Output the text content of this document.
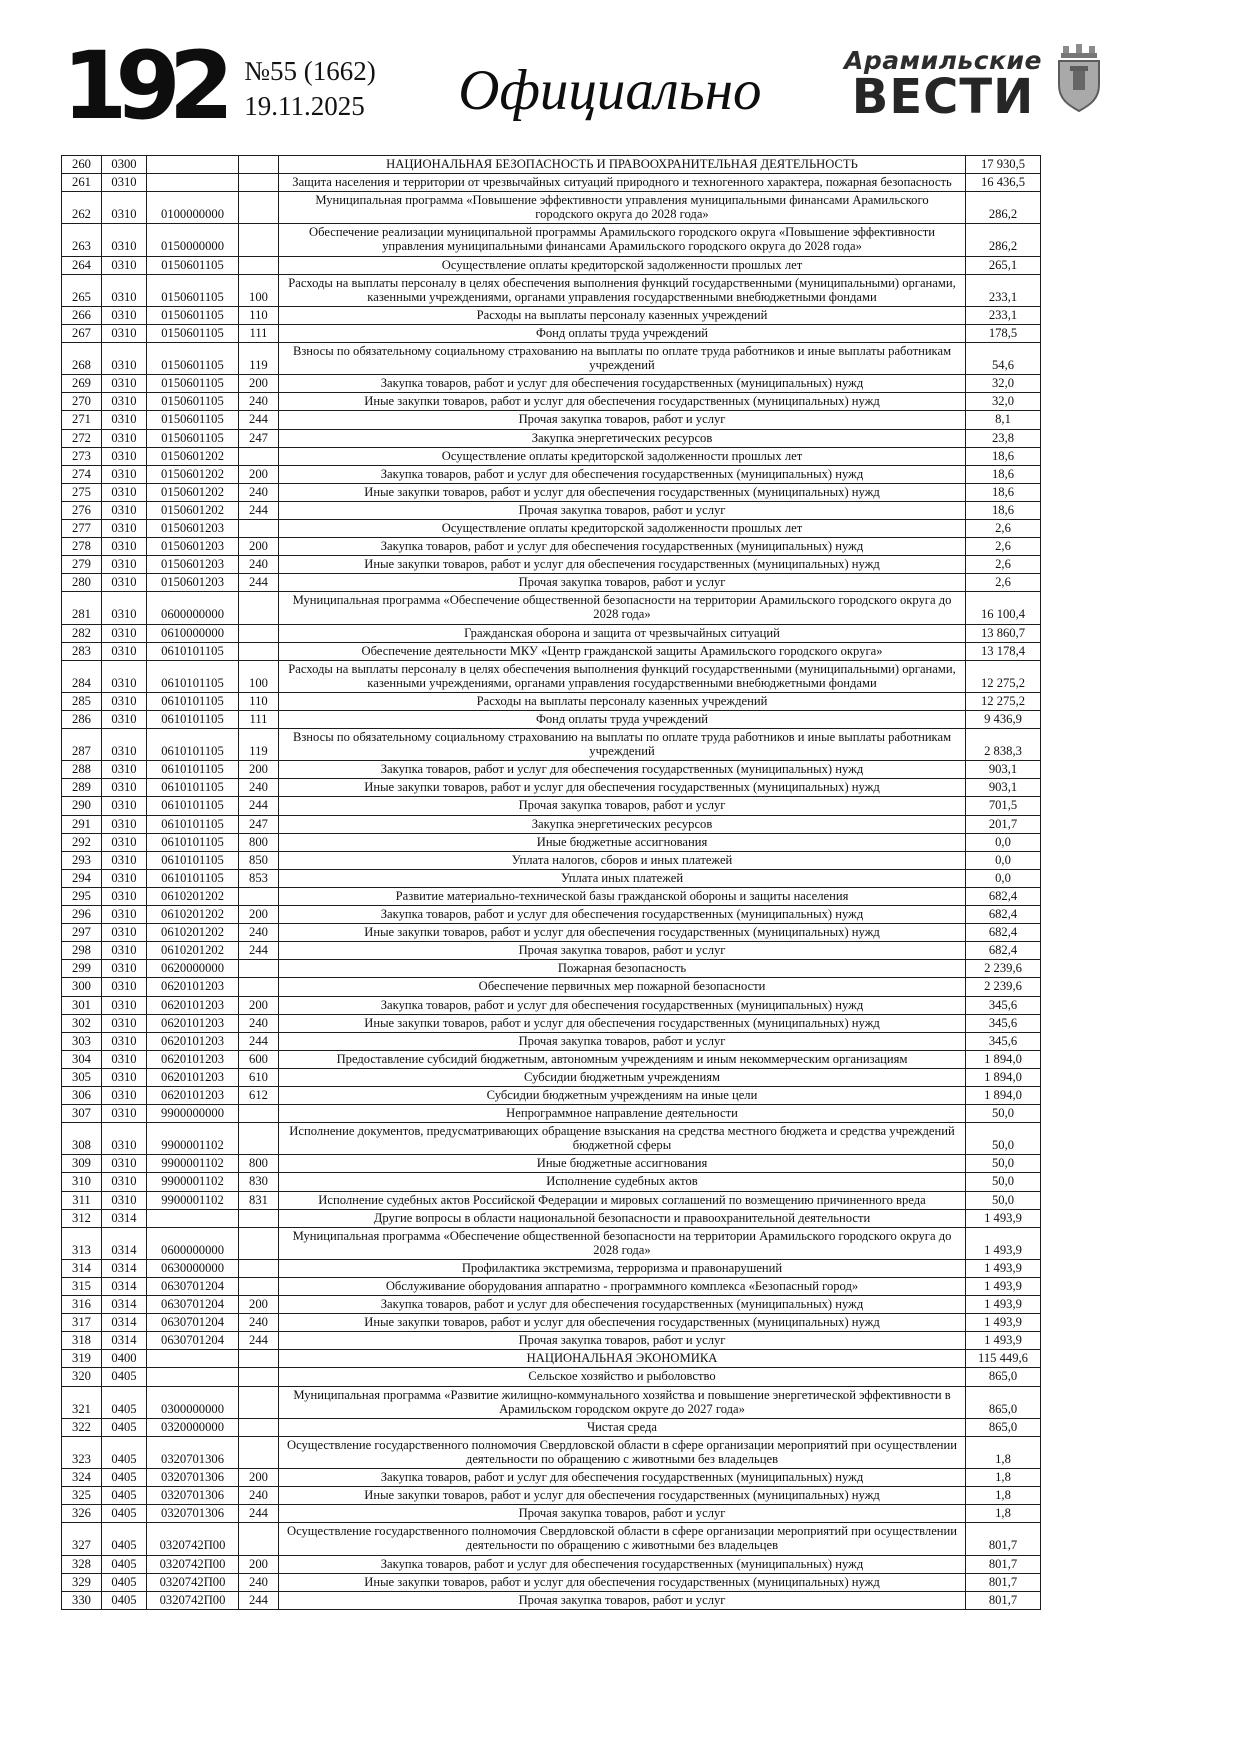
192 №55 (1662)
19.11.2025	Официально	Арамильские
ВЕСТИ
260	0300			НАЦИОНАЛЬНАЯ БЕЗОПАСНОСТЬ И ПРАВООХРАНИТЕЛЬНАЯ ДЕЯТЕЛЬНОСТЬ	17 930,5
261	0310			Защита населения и территории от чрезвычайных ситуаций природного и техногенного характера, пожарная безопасность	16 436,5
262	0310	0100000000		Муниципальная программа «Повышение эффективности управления муниципальными финансами Арамильского городского округа до 2028 года»	286,2
263	0310	0150000000		Обеспечение реализации муниципальной программы Арамильского городского округа «Повышение эффективности управления муниципальными финансами Арамильского городского округа до 2028 года»	286,2
264	0310	0150601105		Осуществление оплаты кредиторской задолженности прошлых лет	265,1
265	0310	0150601105	100	Расходы на выплаты персоналу в целях обеспечения выполнения функций государственными (муниципальными) органами, казенными учреждениями, органами управления государственными внебюджетными фондами	233,1
266	0310	0150601105	110	Расходы на выплаты персоналу казенных учреждений	233,1
267	0310	0150601105	111	Фонд оплаты труда учреждений	178,5
268	0310	0150601105	119	Взносы по обязательному социальному страхованию на выплаты по оплате труда работников и иные выплаты работникам учреждений	54,6
269	0310	0150601105	200	Закупка товаров, работ и услуг для обеспечения государственных (муниципальных) нужд	32,0
270	0310	0150601105	240	Иные закупки товаров, работ и услуг для обеспечения государственных (муниципальных) нужд	32,0
271	0310	0150601105	244	Прочая закупка товаров, работ и услуг	8,1
272	0310	0150601105	247	Закупка энергетических ресурсов	23,8
273	0310	0150601202		Осуществление оплаты кредиторской задолженности прошлых лет	18,6
274	0310	0150601202	200	Закупка товаров, работ и услуг для обеспечения государственных (муниципальных) нужд	18,6
275	0310	0150601202	240	Иные закупки товаров, работ и услуг для обеспечения государственных (муниципальных) нужд	18,6
276	0310	0150601202	244	Прочая закупка товаров, работ и услуг	18,6
277	0310	0150601203		Осуществление оплаты кредиторской задолженности прошлых лет	2,6
278	0310	0150601203	200	Закупка товаров, работ и услуг для обеспечения государственных (муниципальных) нужд	2,6
279	0310	0150601203	240	Иные закупки товаров, работ и услуг для обеспечения государственных (муниципальных) нужд	2,6
280	0310	0150601203	244	Прочая закупка товаров, работ и услуг	2,6
281	0310	0600000000		Муниципальная программа «Обеспечение общественной безопасности на территории Арамильского городского округа до 2028 года»	16 100,4
282	0310	0610000000		Гражданская оборона и защита от чрезвычайных ситуаций	13 860,7
283	0310	0610101105		Обеспечение деятельности МКУ «Центр гражданской защиты Арамильского городского округа»	13 178,4
284	0310	0610101105	100	Расходы на выплаты персоналу в целях обеспечения выполнения функций государственными (муниципальными) органами, казенными учреждениями, органами управления государственными внебюджетными фондами	12 275,2
285	0310	0610101105	110	Расходы на выплаты персоналу казенных учреждений	12 275,2
286	0310	0610101105	111	Фонд оплаты труда учреждений	9 436,9
287	0310	0610101105	119	Взносы по обязательному социальному страхованию на выплаты по оплате труда работников и иные выплаты работникам учреждений	2 838,3
288	0310	0610101105	200	Закупка товаров, работ и услуг для обеспечения государственных (муниципальных) нужд	903,1
289	0310	0610101105	240	Иные закупки товаров, работ и услуг для обеспечения государственных (муниципальных) нужд	903,1
290	0310	0610101105	244	Прочая закупка товаров, работ и услуг	701,5
291	0310	0610101105	247	Закупка энергетических ресурсов	201,7
292	0310	0610101105	800	Иные бюджетные ассигнования	0,0
293	0310	0610101105	850	Уплата налогов, сборов и иных платежей	0,0
294	0310	0610101105	853	Уплата иных платежей	0,0
295	0310	0610201202		Развитие материально-технической базы гражданской обороны и защиты населения	682,4
296	0310	0610201202	200	Закупка товаров, работ и услуг для обеспечения государственных (муниципальных) нужд	682,4
297	0310	0610201202	240	Иные закупки товаров, работ и услуг для обеспечения государственных (муниципальных) нужд	682,4
298	0310	0610201202	244	Прочая закупка товаров, работ и услуг	682,4
299	0310	0620000000		Пожарная безопасность	2 239,6
300	0310	0620101203		Обеспечение первичных мер пожарной безопасности	2 239,6
301	0310	0620101203	200	Закупка товаров, работ и услуг для обеспечения государственных (муниципальных) нужд	345,6
302	0310	0620101203	240	Иные закупки товаров, работ и услуг для обеспечения государственных (муниципальных) нужд	345,6
303	0310	0620101203	244	Прочая закупка товаров, работ и услуг	345,6
304	0310	0620101203	600	Предоставление субсидий бюджетным, автономным учреждениям и иным некоммерческим организациям	1 894,0
305	0310	0620101203	610	Субсидии бюджетным учреждениям	1 894,0
306	0310	0620101203	612	Субсидии бюджетным учреждениям на иные цели	1 894,0
307	0310	9900000000		Непрограммное направление деятельности	50,0
308	0310	9900001102		Исполнение документов, предусматривающих обращение взыскания на средства местного бюджета и средства учреждений бюджетной сферы	50,0
309	0310	9900001102	800	Иные бюджетные ассигнования	50,0
310	0310	9900001102	830	Исполнение судебных актов	50,0
311	0310	9900001102	831	Исполнение судебных актов Российской Федерации и мировых соглашений по возмещению причиненного вреда	50,0
312	0314			Другие вопросы в области национальной безопасности и правоохранительной деятельности	1 493,9
313	0314	0600000000		Муниципальная программа «Обеспечение общественной безопасности на территории Арамильского городского округа до 2028 года»	1 493,9
314	0314	0630000000		Профилактика экстремизма, терроризма и правонарушений	1 493,9
315	0314	0630701204		Обслуживание оборудования аппаратно - программного комплекса «Безопасный город»	1 493,9
316	0314	0630701204	200	Закупка товаров, работ и услуг для обеспечения государственных (муниципальных) нужд	1 493,9
317	0314	0630701204	240	Иные закупки товаров, работ и услуг для обеспечения государственных (муниципальных) нужд	1 493,9
318	0314	0630701204	244	Прочая закупка товаров, работ и услуг	1 493,9
319	0400			НАЦИОНАЛЬНАЯ ЭКОНОМИКА	115 449,6
320	0405			Сельское хозяйство и рыболовство	865,0
321	0405	0300000000		Муниципальная программа «Развитие жилищно-коммунального хозяйства и повышение энергетической эффективности в Арамильском городском округе до 2027 года»	865,0
322	0405	0320000000		Чистая среда	865,0
323	0405	0320701306		Осуществление государственного полномочия Свердловской области в сфере организации мероприятий при осуществлении деятельности по обращению с животными без владельцев	1,8
324	0405	0320701306	200	Закупка товаров, работ и услуг для обеспечения государственных (муниципальных) нужд	1,8
325	0405	0320701306	240	Иные закупки товаров, работ и услуг для обеспечения государственных (муниципальных) нужд	1,8
326	0405	0320701306	244	Прочая закупка товаров, работ и услуг	1,8
327	0405	0320742П00		Осуществление государственного полномочия Свердловской области в сфере организации мероприятий при осуществлении деятельности по обращению с животными без владельцев	801,7
328	0405	0320742П00	200	Закупка товаров, работ и услуг для обеспечения государственных (муниципальных) нужд	801,7
329	0405	0320742П00	240	Иные закупки товаров, работ и услуг для обеспечения государственных (муниципальных) нужд	801,7
330	0405	0320742П00	244	Прочая закупка товаров, работ и услуг	801,7
